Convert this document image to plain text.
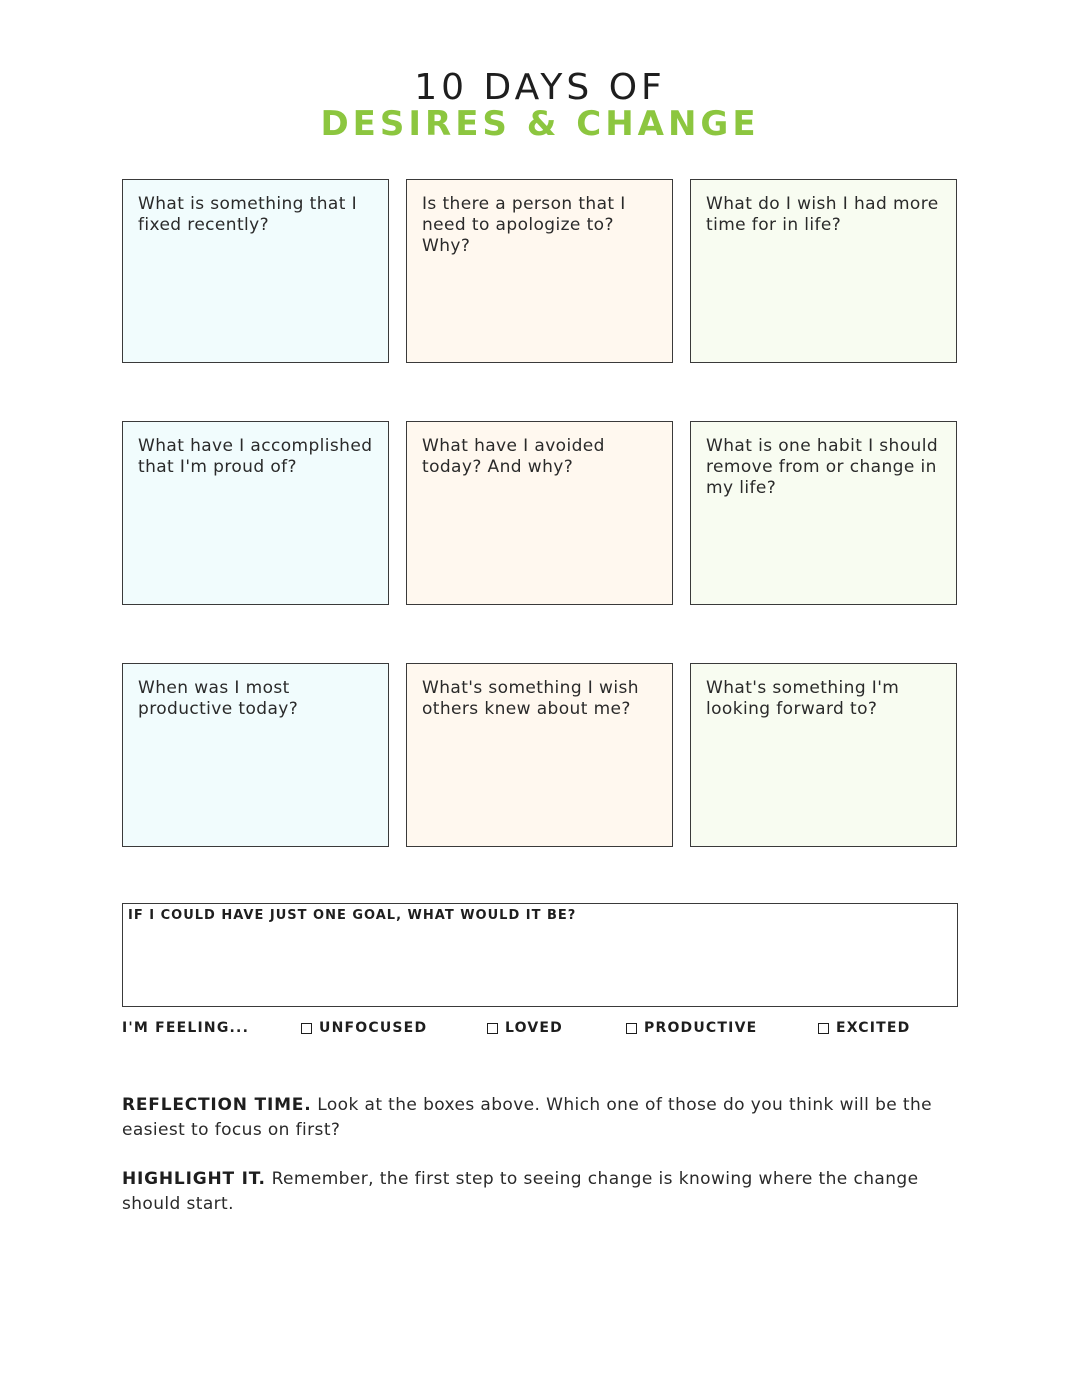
10 DAYS OF
DESIRES & CHANGE
What is something that I fixed recently?
Is there a person that I need to apologize to? Why?
What do I wish I had more time for in life?
What have I accomplished that I'm proud of?
What have I avoided today? And why?
What is one habit I should remove from or change in my life?
When was I most productive today?
What's something I wish others knew about me?
What's something I'm looking forward to?
IF I COULD HAVE JUST ONE GOAL, WHAT WOULD IT BE?
I'M FEELING...	UNFOCUSED	LOVED	PRODUCTIVE	EXCITED
REFLECTION TIME. Look at the boxes above. Which one of those do you think will be the easiest to focus on first?
HIGHLIGHT IT. Remember, the first step to seeing change is knowing where the change should start.
